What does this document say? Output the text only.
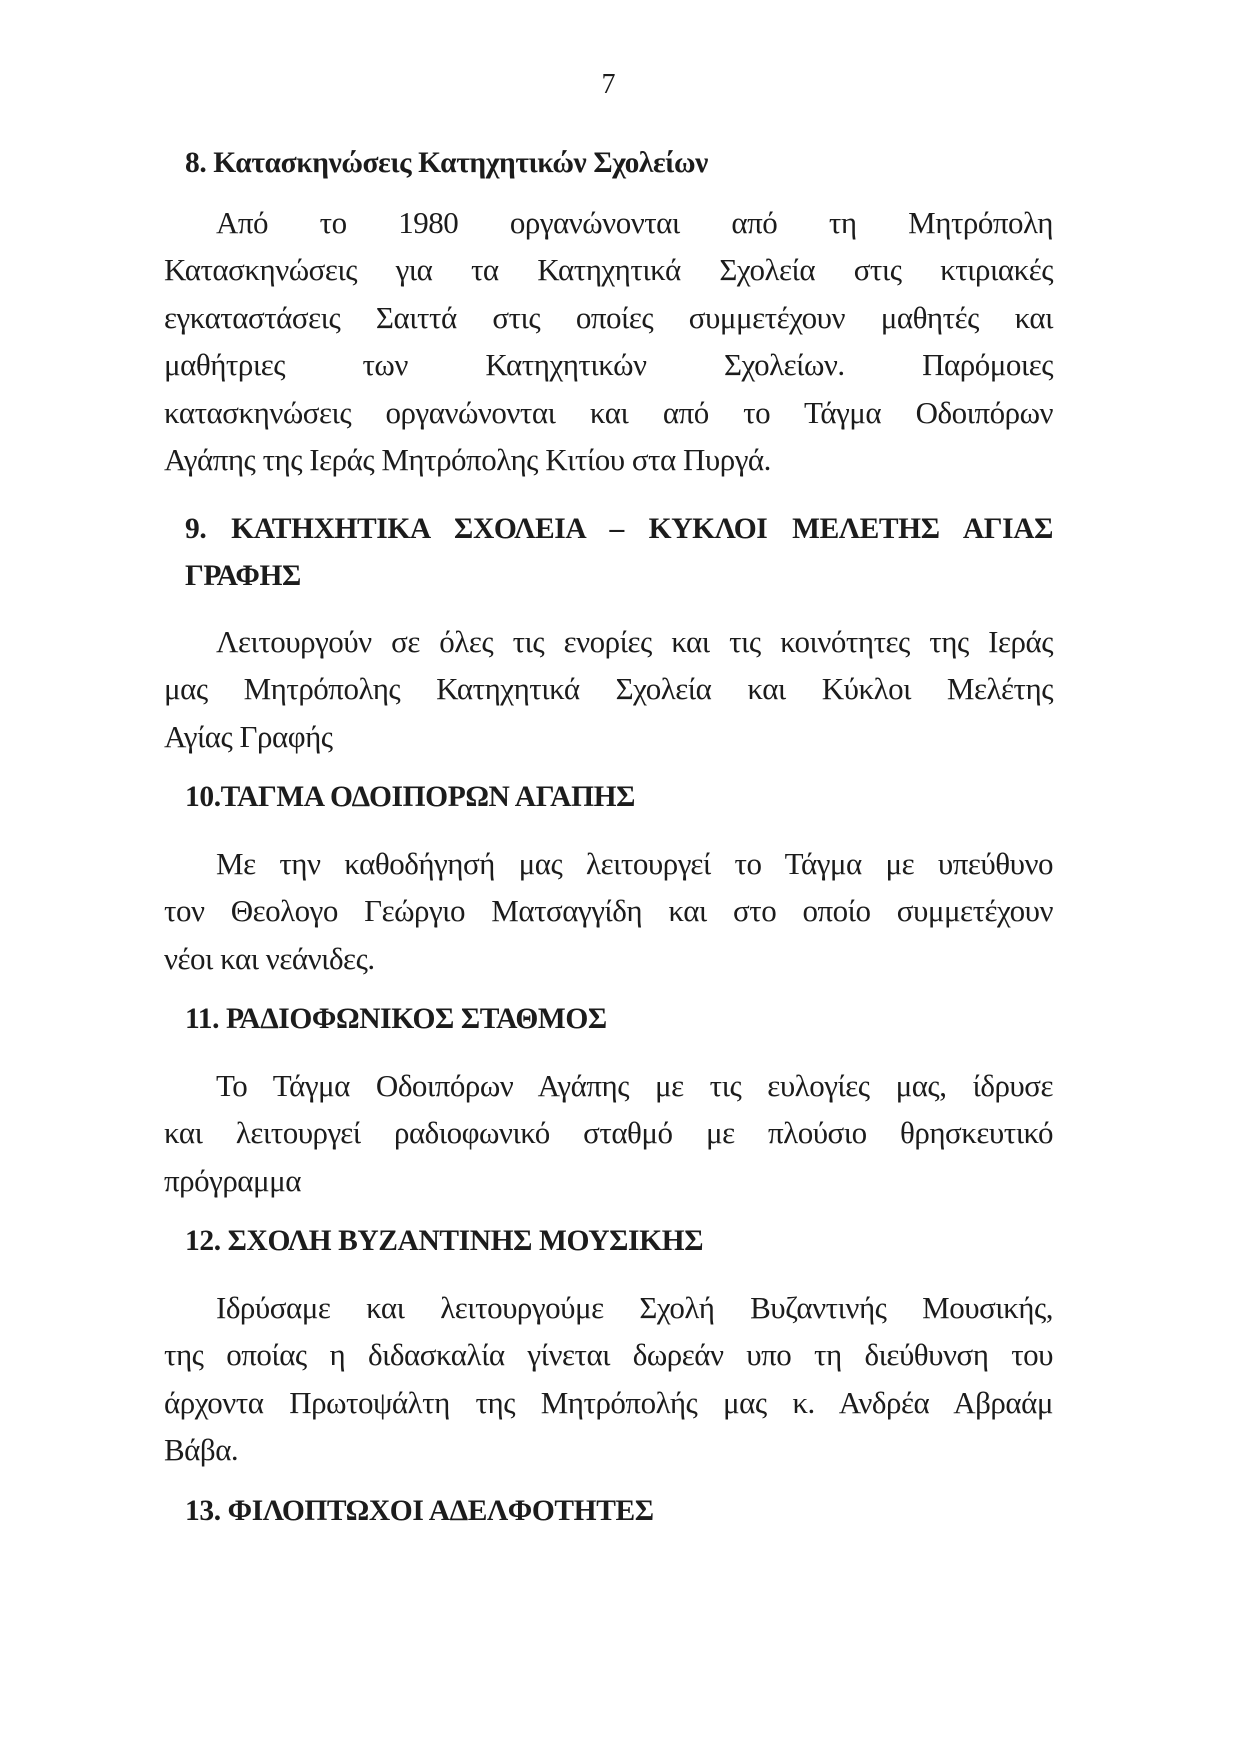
7
8. Κατασκηνώσεις Κατηχητικών Σχολείων
Από το 1980 οργανώνονται από τη Μητρόπολη
Κατασκηνώσεις για τα Κατηχητικά Σχολεία στις κτιριακές
εγκαταστάσεις Σαιττά στις οποίες συμμετέχουν μαθητές και
μαθήτριες των Κατηχητικών Σχολείων. Παρόμοιες
κατασκηνώσεις οργανώνονται και από το Τάγμα Οδοιπόρων
Αγάπης της Ιεράς Μητρόπολης Κιτίου στα Πυργά.
9. ΚΑΤΗΧΗΤΙΚΑ ΣΧΟΛΕΙΑ – ΚΥΚΛΟΙ ΜΕΛΕΤΗΣ ΑΓΙΑΣ
ΓΡΑΦΗΣ
Λειτουργούν σε όλες τις ενορίες και τις κοινότητες της Ιεράς
μας Μητρόπολης Κατηχητικά Σχολεία και Κύκλοι Μελέτης
Αγίας Γραφής
10.ΤΑΓΜΑ ΟΔΟΙΠΟΡΩΝ ΑΓΑΠΗΣ
Με την καθοδήγησή μας λειτουργεί το Τάγμα με υπεύθυνο
τον Θεολογο Γεώργιο Ματσαγγίδη και στο οποίο συμμετέχουν
νέοι και νεάνιδες.
11. ΡΑΔΙΟΦΩΝΙΚΟΣ ΣΤΑΘΜΟΣ
Το Τάγμα Οδοιπόρων Αγάπης με τις ευλογίες μας, ίδρυσε
και λειτουργεί ραδιοφωνικό σταθμό με πλούσιο θρησκευτικό
πρόγραμμα
12. ΣΧΟΛΗ ΒΥΖΑΝΤΙΝΗΣ ΜΟΥΣΙΚΗΣ
Ιδρύσαμε και λειτουργούμε Σχολή Βυζαντινής Μουσικής,
της οποίας η διδασκαλία γίνεται δωρεάν υπο τη διεύθυνση του
άρχοντα Πρωτοψάλτη της Μητρόπολής μας κ. Ανδρέα Αβραάμ
Βάβα.
13. ΦΙΛΟΠΤΩΧΟΙ ΑΔΕΛΦΟΤΗΤΕΣ
